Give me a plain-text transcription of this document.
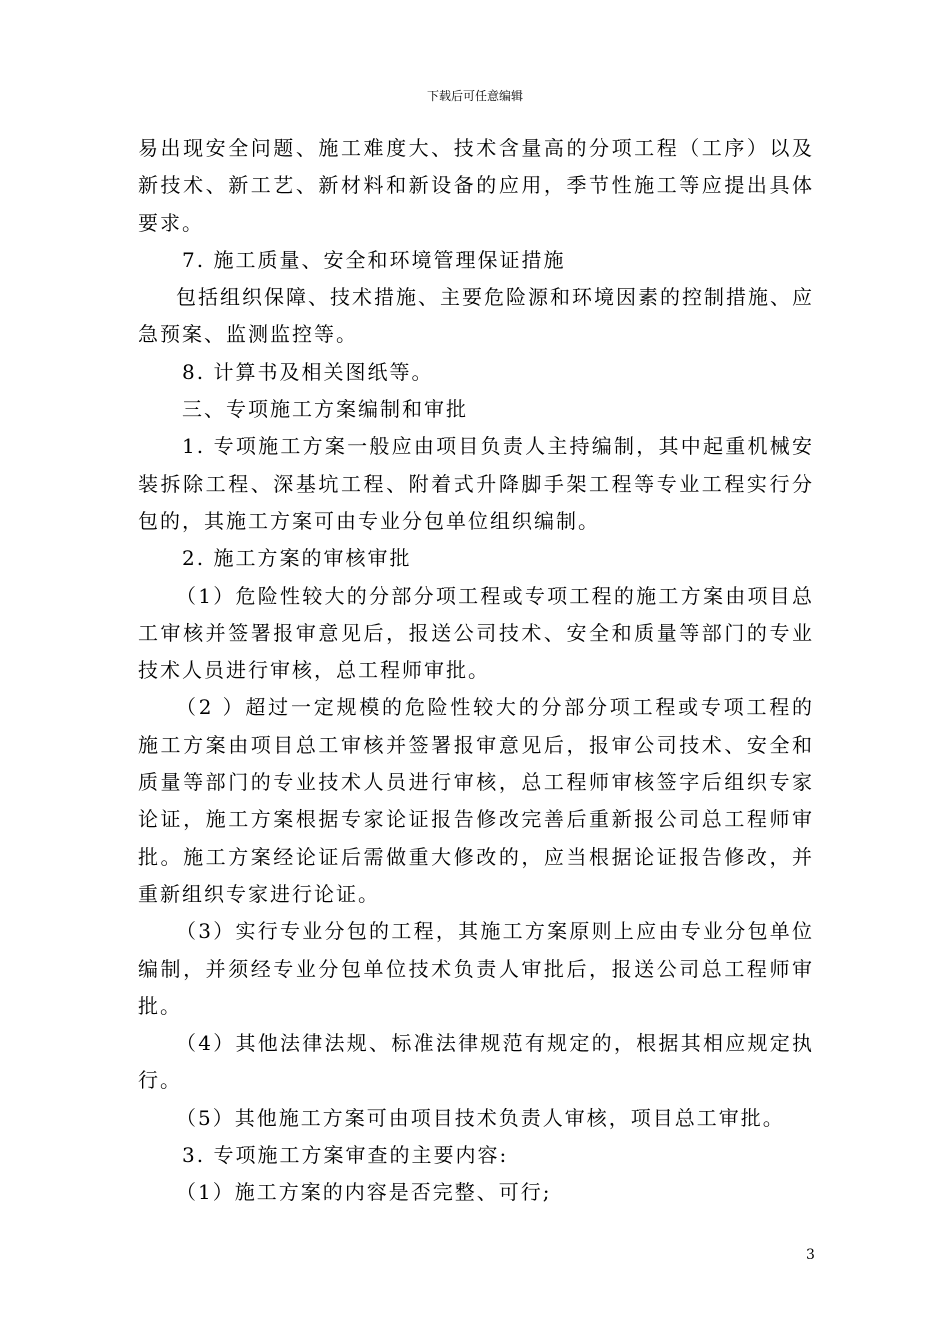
下载后可任意编辑

易出现安全问题、施工难度大、技术含量高的分项工程（工序）以及新技术、新工艺、新材料和新设备的应用，季节性施工等应提出具体要求。

7. 施工质量、安全和环境管理保证措施

包括组织保障、技术措施、主要危险源和环境因素的控制措施、应急预案、监测监控等。

8. 计算书及相关图纸等。

三、专项施工方案编制和审批

1. 专项施工方案一般应由项目负责人主持编制，其中起重机械安装拆除工程、深基坑工程、附着式升降脚手架工程等专业工程实行分包的，其施工方案可由专业分包单位组织编制。

2. 施工方案的审核审批

（1）危险性较大的分部分项工程或专项工程的施工方案由项目总工审核并签署报审意见后，报送公司技术、安全和质量等部门的专业技术人员进行审核，总工程师审批。

（2 ）超过一定规模的危险性较大的分部分项工程或专项工程的施工方案由项目总工审核并签署报审意见后，报审公司技术、安全和质量等部门的专业技术人员进行审核，总工程师审核签字后组织专家论证，施工方案根据专家论证报告修改完善后重新报公司总工程师审批。施工方案经论证后需做重大修改的，应当根据论证报告修改，并重新组织专家进行论证。

（3）实行专业分包的工程，其施工方案原则上应由专业分包单位编制，并须经专业分包单位技术负责人审批后，报送公司总工程师审批。

（4）其他法律法规、标准法律规范有规定的，根据其相应规定执行。

（5）其他施工方案可由项目技术负责人审核，项目总工审批。

3. 专项施工方案审查的主要内容:

（1）施工方案的内容是否完整、可行;

3
